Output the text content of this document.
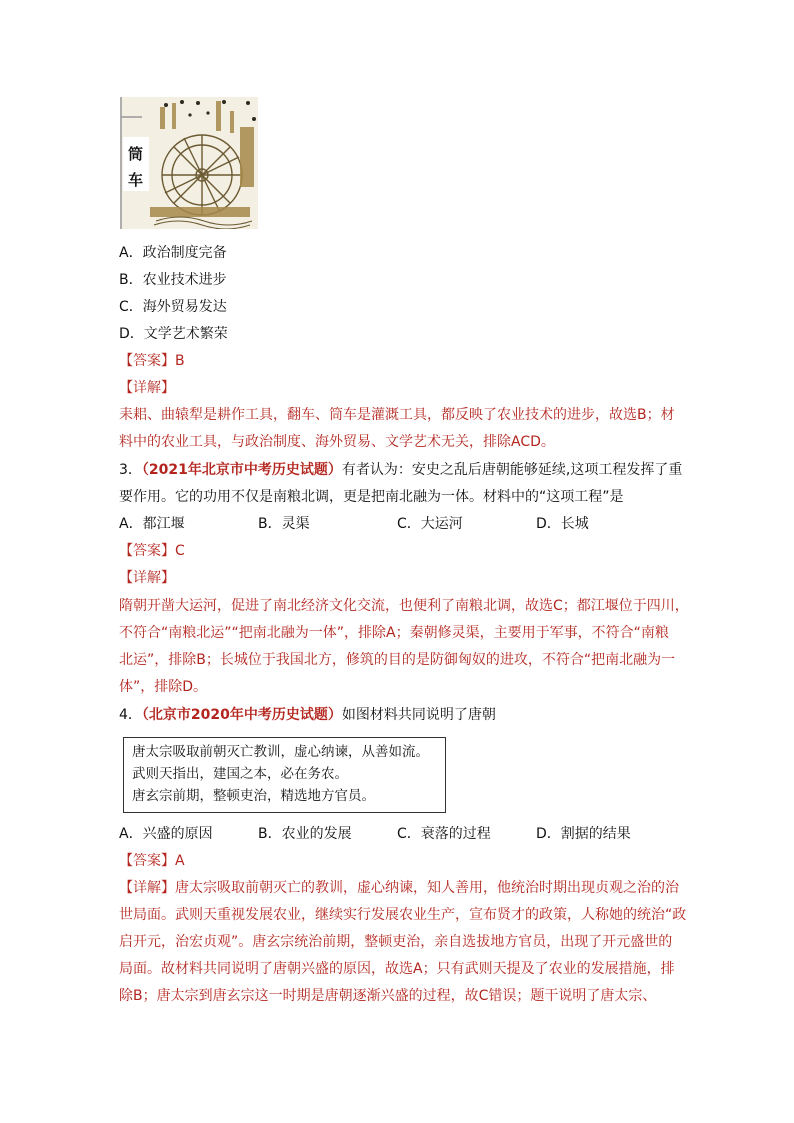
筒
车
A．政治制度完备
B．农业技术进步
C．海外贸易发达
D．文学艺术繁荣
【答案】B
【详解】
耒耜、曲辕犁是耕作工具，翻车、筒车是灌溉工具，都反映了农业技术的进步，故选B；材
料中的农业工具，与政治制度、海外贸易、文学艺术无关，排除ACD。
3．（2021年北京市中考历史试题）有者认为：安史之乱后唐朝能够延续,这项工程发挥了重
要作用。它的功用不仅是南粮北调，更是把南北融为一体。材料中的“这项工程”是
A．都江堰	B．灵渠	C．大运河	D．长城
【答案】C
【详解】
隋朝开凿大运河，促进了南北经济文化交流，也便利了南粮北调，故选C；都江堰位于四川，
不符合“南粮北运”“把南北融为一体”，排除A；秦朝修灵渠，主要用于军事，不符合“南粮
北运”，排除B；长城位于我国北方，修筑的目的是防御匈奴的进攻，不符合“把南北融为一
体”，排除D。
4．（北京市2020年中考历史试题）如图材料共同说明了唐朝
唐太宗吸取前朝灭亡教训，虚心纳谏，从善如流。
武则天指出，建国之本，必在务农。
唐玄宗前期，整顿吏治，精选地方官员。
A．兴盛的原因	B．农业的发展	C．衰落的过程	D．割据的结果
【答案】A
【详解】唐太宗吸取前朝灭亡的教训，虚心纳谏，知人善用，他统治时期出现贞观之治的治
世局面。武则天重视发展农业，继续实行发展农业生产，宣布贤才的政策，人称她的统治“政
启开元，治宏贞观”。唐玄宗统治前期，整顿吏治，亲自选拔地方官员，出现了开元盛世的
局面。故材料共同说明了唐朝兴盛的原因，故选A；只有武则天提及了农业的发展措施，排
除B；唐太宗到唐玄宗这一时期是唐朝逐渐兴盛的过程，故C错误；题干说明了唐太宗、
